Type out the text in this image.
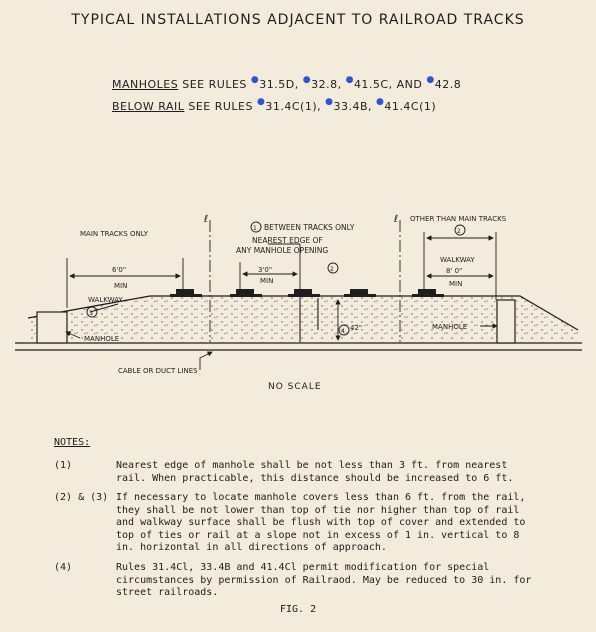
TYPICAL INSTALLATIONS ADJACENT TO RAILROAD TRACKS
MANHOLES SEE RULES ●31.5D, ●32.8, ●41.5C, AND ●42.8
BELOW RAIL SEE RULES ●31.4C(1), ●33.4B, ●41.4C(1)
MAIN TRACKS ONLY
ℓ	ℓ
1 BETWEEN TRACKS ONLY
NEAREST EDGE OF
ANY MANHOLE OPENING
OTHER THAN MAIN TRACKS
2
3
2
4
6'0"
MIN
WALKWAY
3'0"
MIN
WALKWAY
8' 0"
MIN
42"
MANHOLE
MANHOLE
CABLE OR DUCT LINES
NO SCALE
NOTES:
(1)	Nearest edge of manhole shall be not less than 3 ft. from nearest rail. When practicable, this distance should be increased to 6 ft.
(2) & (3) If necessary to locate manhole covers less than 6 ft. from the rail, they shall be not lower than top of tie nor higher than top of rail and walkway surface shall be flush with top of cover and extended to top of ties or rail at a slope not in excess of 1 in. vertical to 8 in. horizontal in all directions of approach.
(4)	Rules 31.4Cl, 33.4B and 41.4Cl permit modification for special circumstances by permission of Railraod. May be reduced to 30 in. for street railroads.
FIG. 2
